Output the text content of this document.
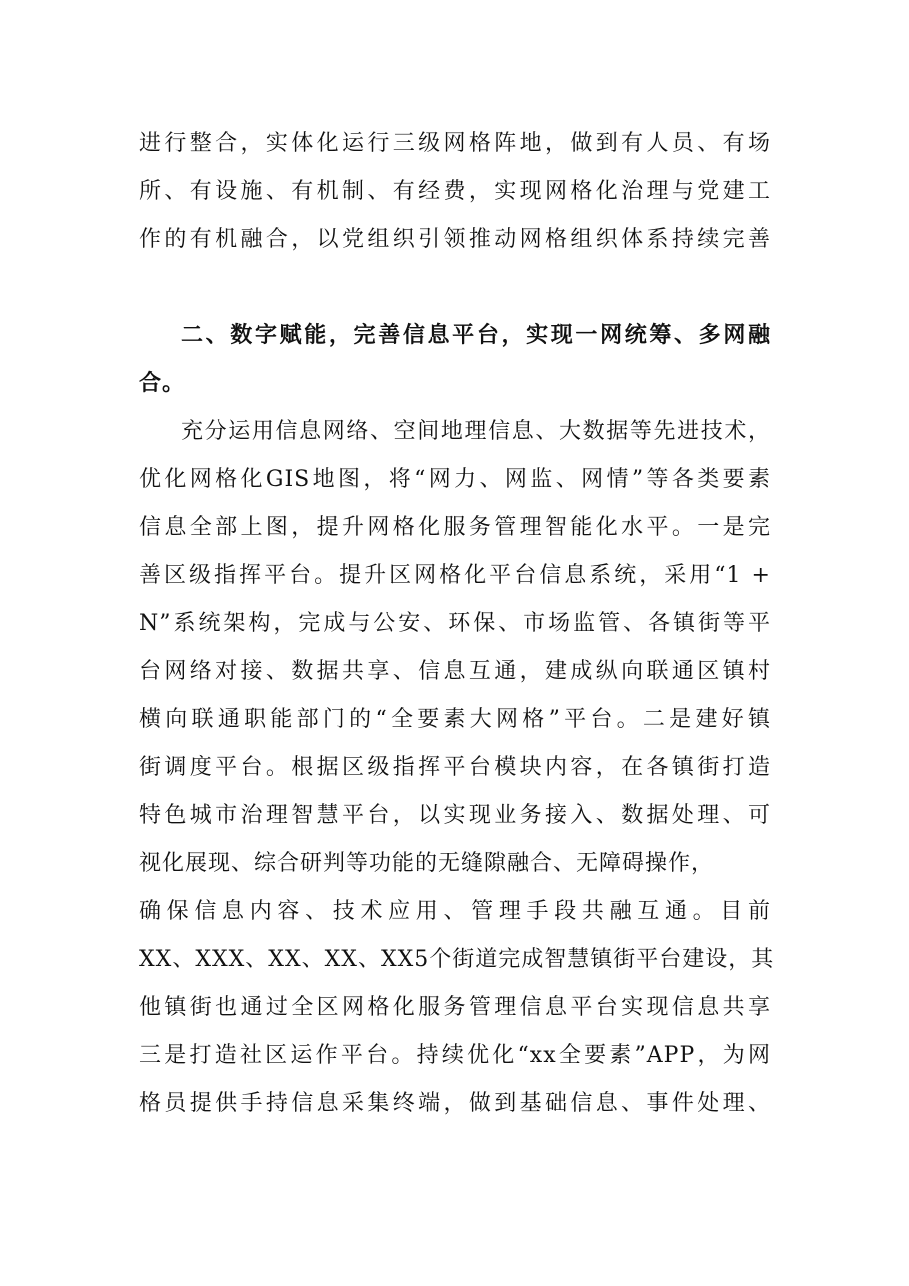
进行整合，实体化运行三级网格阵地，做到有人员、有场
所、有设施、有机制、有经费，实现网格化治理与党建工
作的有机融合，以党组织引领推动网格组织体系持续完善
二、数字赋能，完善信息平台，实现一网统筹、多网融
合。
充分运用信息网络、空间地理信息、大数据等先进技术，
优化网格化GIS地图，将“网力、网监、网情”等各类要素
信息全部上图，提升网格化服务管理智能化水平。一是完
善区级指挥平台。提升区网格化平台信息系统，采用“1 +
N”系统架构，完成与公安、环保、市场监管、各镇街等平
台网络对接、数据共享、信息互通，建成纵向联通区镇村
横向联通职能部门的“全要素大网格”平台。二是建好镇
街调度平台。根据区级指挥平台模块内容，在各镇街打造
特色城市治理智慧平台，以实现业务接入、数据处理、可
视化展现、综合研判等功能的无缝隙融合、无障碍操作，
确保信息内容、技术应用、管理手段共融互通。目前
XX、XXX、XX、XX、XX5个街道完成智慧镇街平台建设，其
他镇街也通过全区网格化服务管理信息平台实现信息共享
三是打造社区运作平台。持续优化“xx全要素”APP，为网
格员提供手持信息采集终端，做到基础信息、事件处理、
